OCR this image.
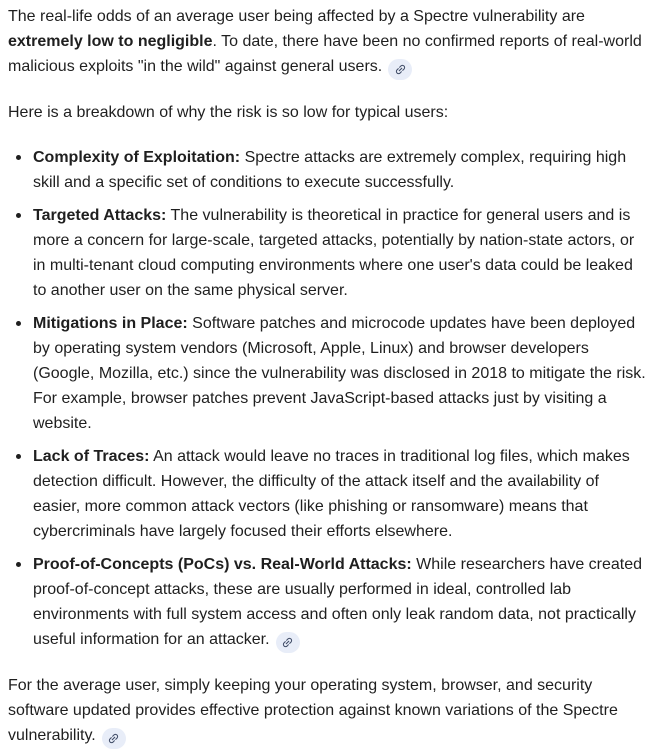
The real-life odds of an average user being affected by a Spectre vulnerability are extremely low to negligible. To date, there have been no confirmed reports of real-world malicious exploits "in the wild" against general users.

Here is a breakdown of why the risk is so low for typical users:

Complexity of Exploitation: Spectre attacks are extremely complex, requiring high skill and a specific set of conditions to execute successfully.
Targeted Attacks: The vulnerability is theoretical in practice for general users and is more a concern for large-scale, targeted attacks, potentially by nation-state actors, or in multi-tenant cloud computing environments where one user's data could be leaked to another user on the same physical server.
Mitigations in Place: Software patches and microcode updates have been deployed by operating system vendors (Microsoft, Apple, Linux) and browser developers (Google, Mozilla, etc.) since the vulnerability was disclosed in 2018 to mitigate the risk. For example, browser patches prevent JavaScript-based attacks just by visiting a website.
Lack of Traces: An attack would leave no traces in traditional log files, which makes detection difficult. However, the difficulty of the attack itself and the availability of easier, more common attack vectors (like phishing or ransomware) means that cybercriminals have largely focused their efforts elsewhere.
Proof-of-Concepts (PoCs) vs. Real-World Attacks: While researchers have created proof-of-concept attacks, these are usually performed in ideal, controlled lab environments with full system access and often only leak random data, not practically useful information for an attacker.

For the average user, simply keeping your operating system, browser, and security software updated provides effective protection against known variations of the Spectre vulnerability.
